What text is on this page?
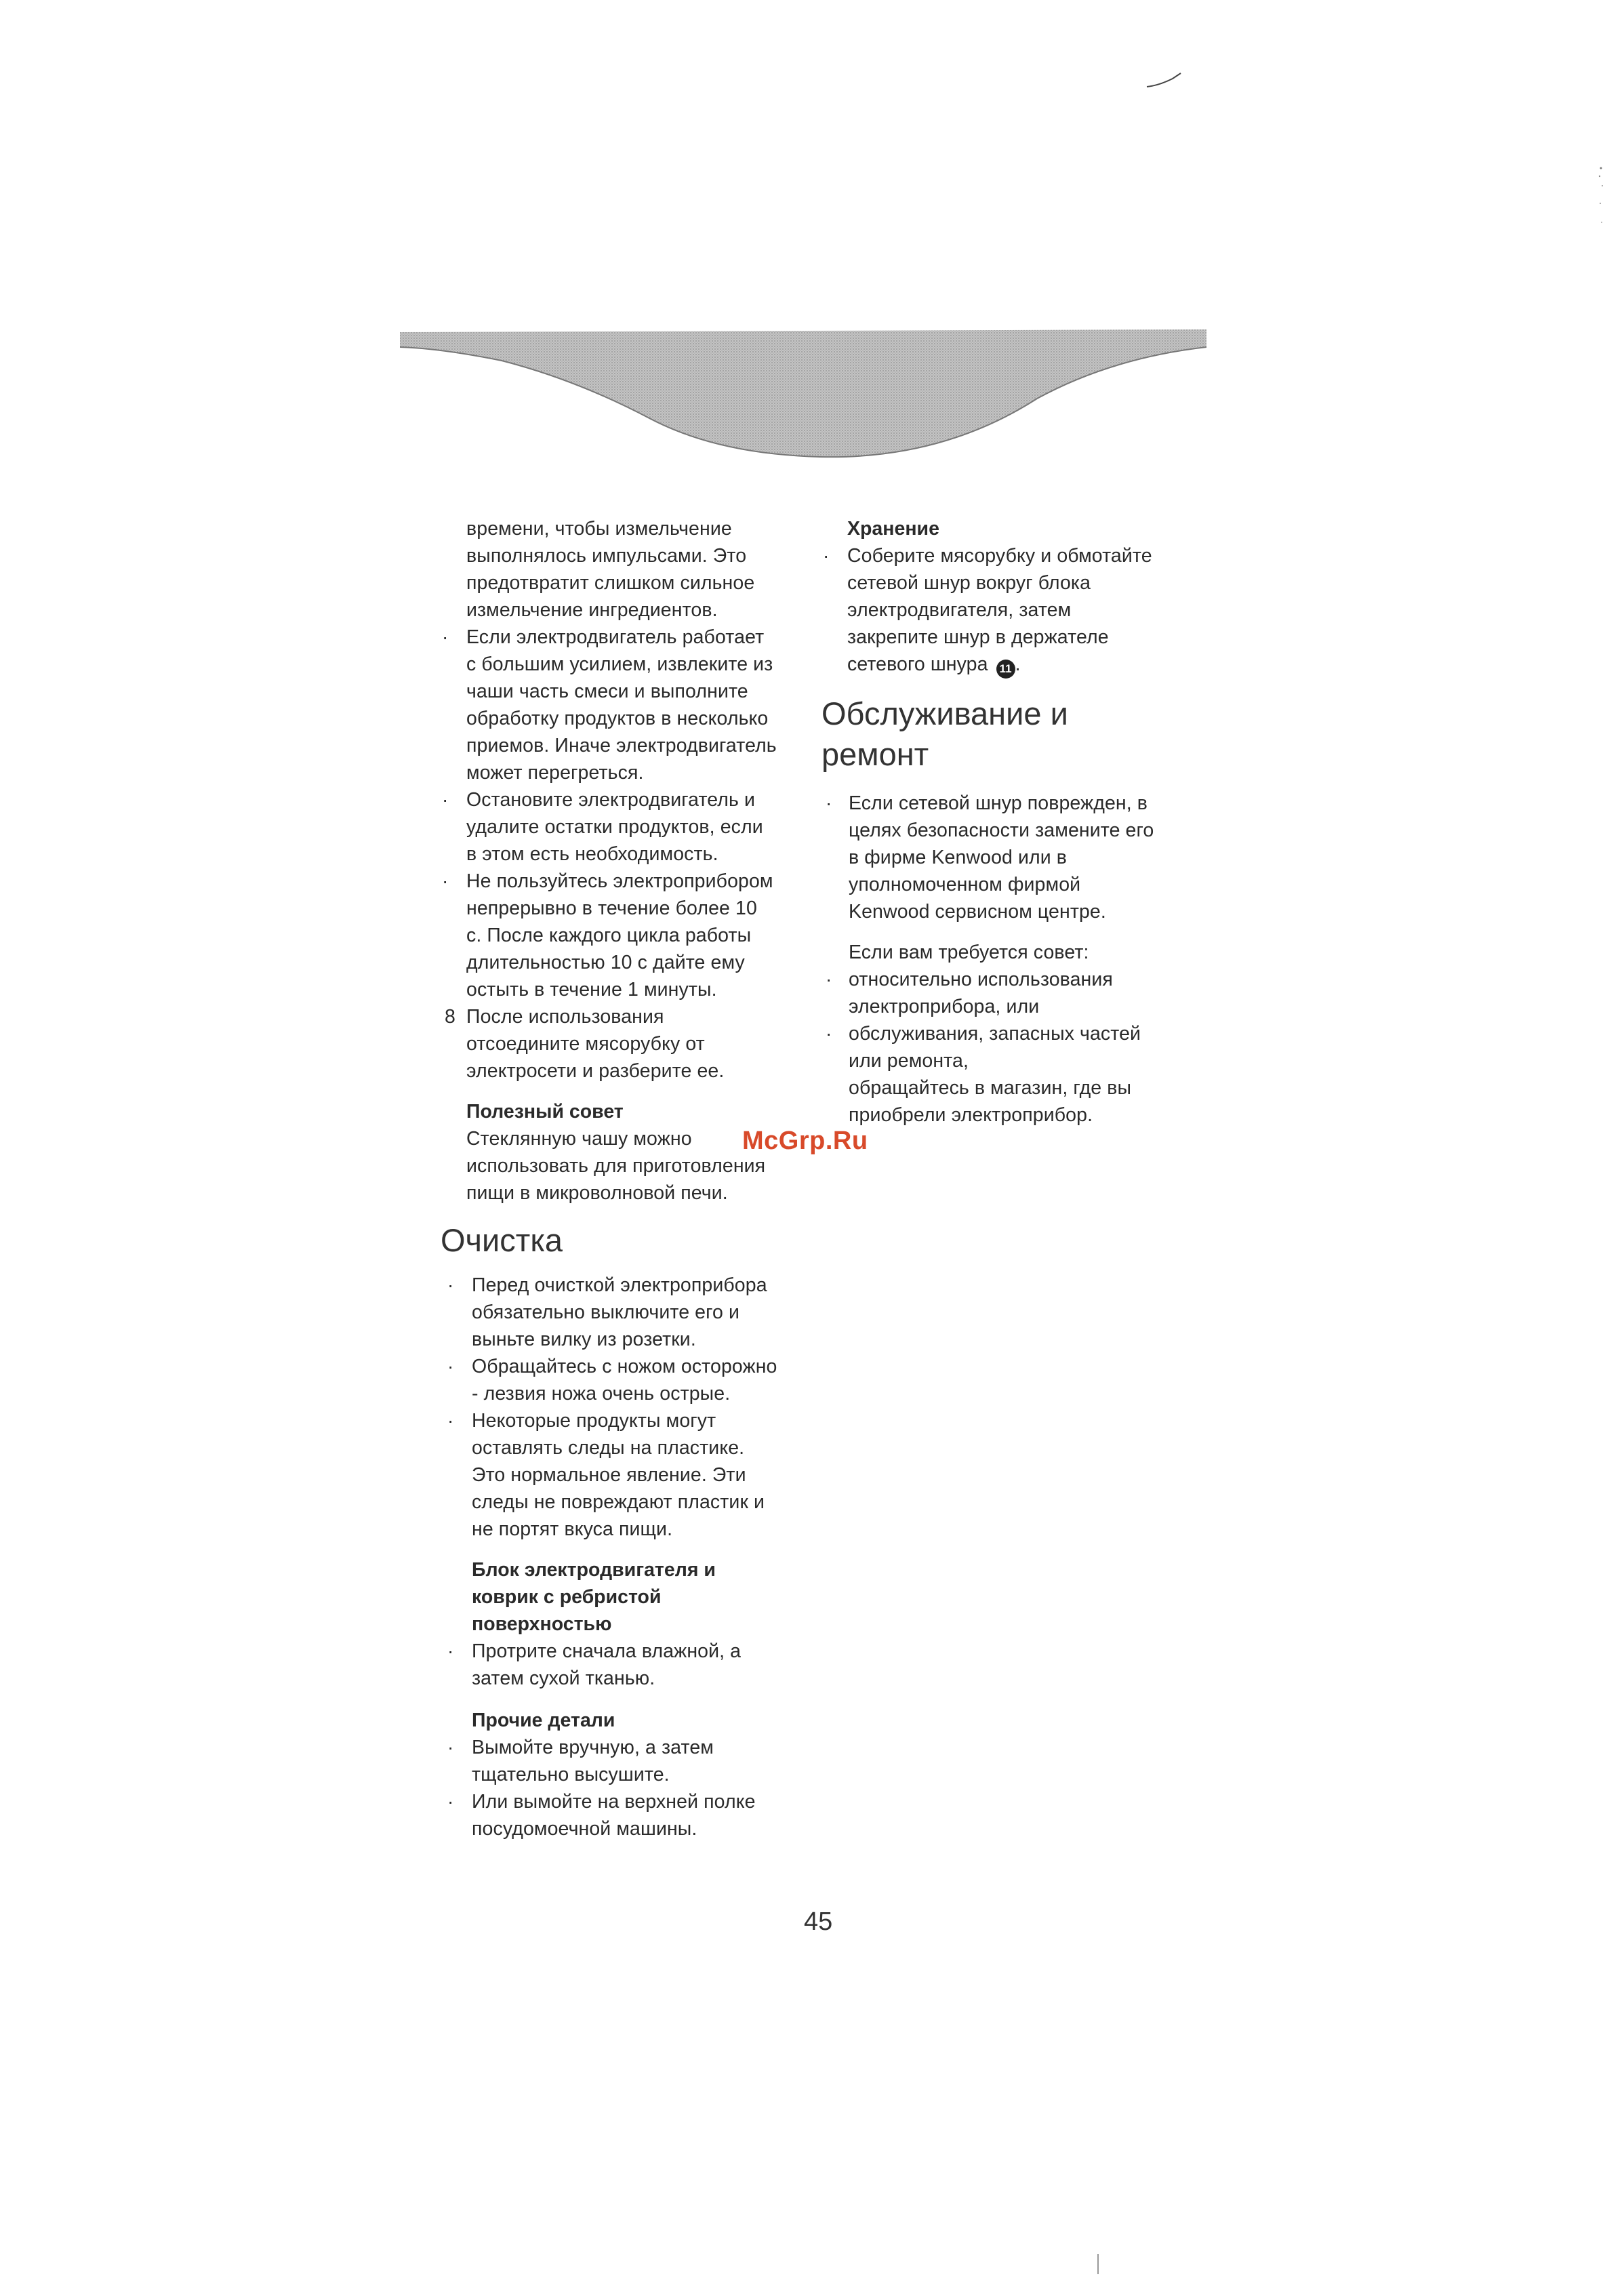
времени, чтобы измельчение
выполнялось импульсами. Это
предотвратит слишком сильное
измельчение ингредиентов.
· Если электродвигатель работает
с большим усилием, извлеките из
чаши часть смеси и выполните
обработку продуктов в несколько
приемов. Иначе электродвигатель
может перегреться.
· Остановите электродвигатель и
удалите остатки продуктов, если
в этом есть необходимость.
· Не пользуйтесь электроприбором
непрерывно в течение более 10
с. После каждого цикла работы
длительностью 10 с дайте ему
остыть в течение 1 минуты.
8 После использования
отсоедините мясорубку от
электросети и разберите ее.
Полезный совет
Стеклянную чашу можно
использовать для приготовления
пищи в микроволновой печи.
Очистка
· Перед очисткой электроприбора
обязательно выключите его и
выньте вилку из розетки.
· Обращайтесь с ножом осторожно
- лезвия ножа очень острые.
· Некоторые продукты могут
оставлять следы на пластике.
Это нормальное явление. Эти
следы не повреждают пластик и
не портят вкуса пищи.
Блок электродвигателя и
коврик с ребристой
поверхностью
· Протрите сначала влажной, а
затем сухой тканью.
Прочие детали
· Вымойте вручную, а затем
тщательно высушите.
· Или вымойте на верхней полке
посудомоечной машины.
Хранение
· Соберите мясорубку и обмотайте
сетевой шнур вокруг блока
электродвигателя, затем
закрепите шнур в держателе
сетевого шнура 11 .
Обслуживание и
ремонт
· Если сетевой шнур поврежден, в
целях безопасности замените его
в фирме Kenwood или в
уполномоченном фирмой
Kenwood сервисном центре.
Если вам требуется совет:
· относительно использования
электроприбора, или
· обслуживания, запасных частей
или ремонта,
обращайтесь в магазин, где вы
приобрели электроприбор.
McGrp.Ru
45
